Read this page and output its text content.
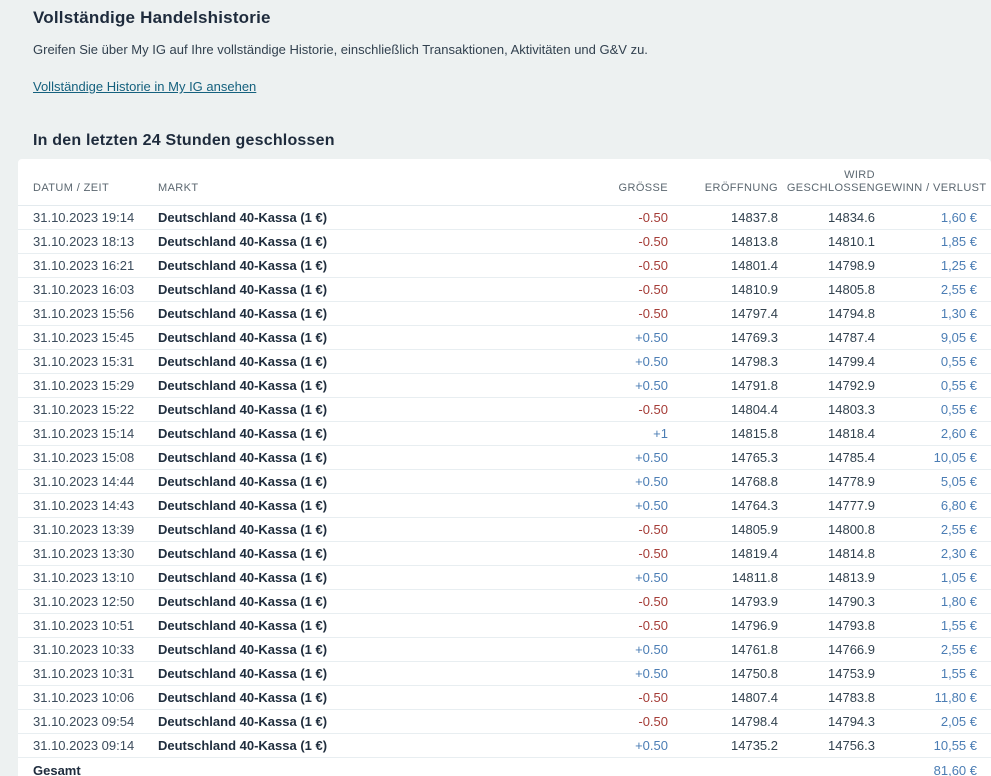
Vollständige Handelshistorie

Greifen Sie über My IG auf Ihre vollständige Historie, einschließlich Transaktionen, Aktivitäten und G&V zu.

Vollständige Historie in My IG ansehen
In den letzten 24 Stunden geschlossen
DATUM / ZEIT	MARKT	GRÖSSE	ERÖFFNUNG	WIRD GESCHLOSSEN	GEWINN / VERLUST
31.10.2023 19:14	Deutschland 40-Kassa (1 €)	-0.50	14837.8	14834.6	1,60 €
31.10.2023 18:13	Deutschland 40-Kassa (1 €)	-0.50	14813.8	14810.1	1,85 €
31.10.2023 16:21	Deutschland 40-Kassa (1 €)	-0.50	14801.4	14798.9	1,25 €
31.10.2023 16:03	Deutschland 40-Kassa (1 €)	-0.50	14810.9	14805.8	2,55 €
31.10.2023 15:56	Deutschland 40-Kassa (1 €)	-0.50	14797.4	14794.8	1,30 €
31.10.2023 15:45	Deutschland 40-Kassa (1 €)	+0.50	14769.3	14787.4	9,05 €
31.10.2023 15:31	Deutschland 40-Kassa (1 €)	+0.50	14798.3	14799.4	0,55 €
31.10.2023 15:29	Deutschland 40-Kassa (1 €)	+0.50	14791.8	14792.9	0,55 €
31.10.2023 15:22	Deutschland 40-Kassa (1 €)	-0.50	14804.4	14803.3	0,55 €
31.10.2023 15:14	Deutschland 40-Kassa (1 €)	+1	14815.8	14818.4	2,60 €
31.10.2023 15:08	Deutschland 40-Kassa (1 €)	+0.50	14765.3	14785.4	10,05 €
31.10.2023 14:44	Deutschland 40-Kassa (1 €)	+0.50	14768.8	14778.9	5,05 €
31.10.2023 14:43	Deutschland 40-Kassa (1 €)	+0.50	14764.3	14777.9	6,80 €
31.10.2023 13:39	Deutschland 40-Kassa (1 €)	-0.50	14805.9	14800.8	2,55 €
31.10.2023 13:30	Deutschland 40-Kassa (1 €)	-0.50	14819.4	14814.8	2,30 €
31.10.2023 13:10	Deutschland 40-Kassa (1 €)	+0.50	14811.8	14813.9	1,05 €
31.10.2023 12:50	Deutschland 40-Kassa (1 €)	-0.50	14793.9	14790.3	1,80 €
31.10.2023 10:51	Deutschland 40-Kassa (1 €)	-0.50	14796.9	14793.8	1,55 €
31.10.2023 10:33	Deutschland 40-Kassa (1 €)	+0.50	14761.8	14766.9	2,55 €
31.10.2023 10:31	Deutschland 40-Kassa (1 €)	+0.50	14750.8	14753.9	1,55 €
31.10.2023 10:06	Deutschland 40-Kassa (1 €)	-0.50	14807.4	14783.8	11,80 €
31.10.2023 09:54	Deutschland 40-Kassa (1 €)	-0.50	14798.4	14794.3	2,05 €
31.10.2023 09:14	Deutschland 40-Kassa (1 €)	+0.50	14735.2	14756.3	10,55 €
Gesamt					81,60 €
